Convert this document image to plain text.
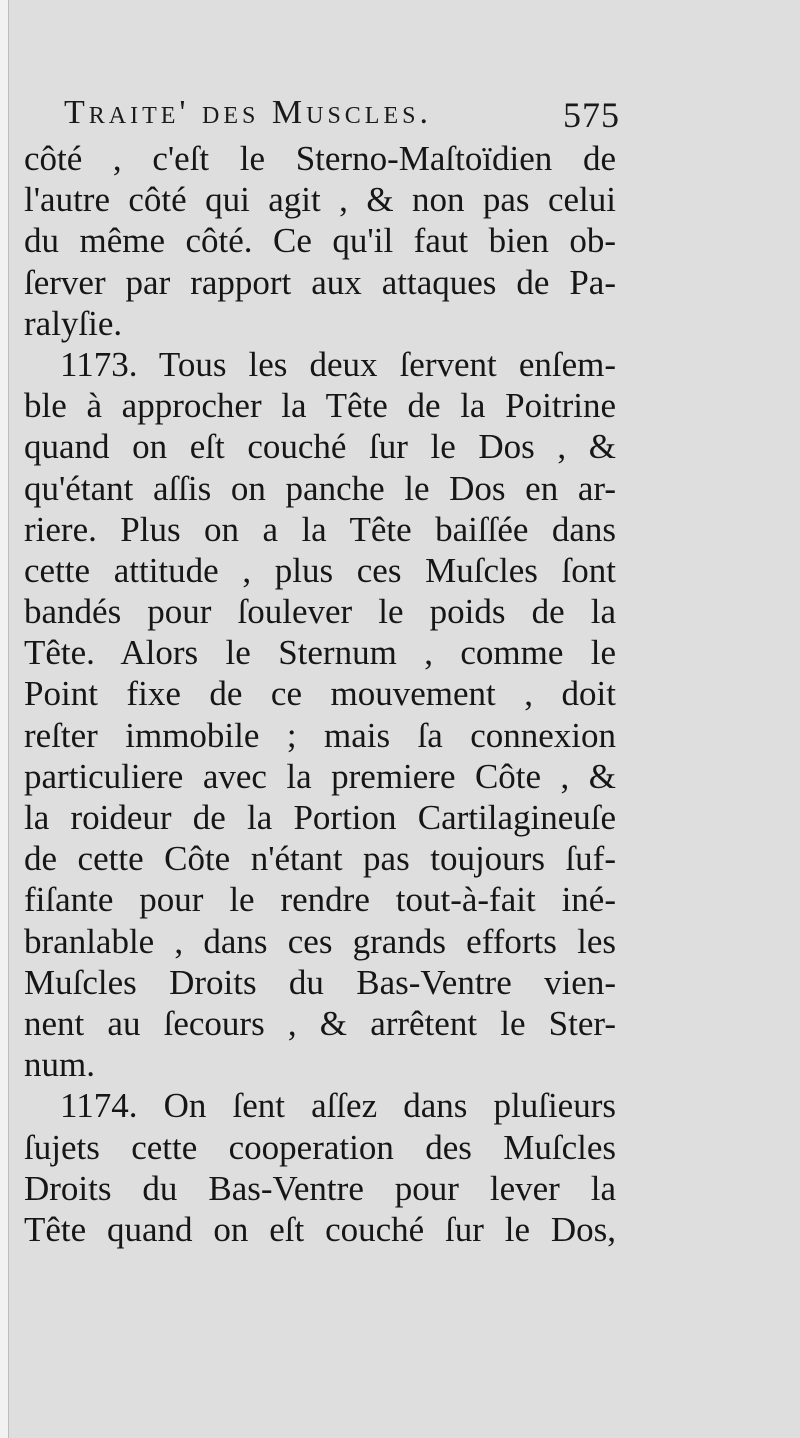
Traite' des Muscles.	575
côté , c'eſt le Sterno-Maſtoïdien de
l'autre côté qui agit , & non pas celui
du même côté. Ce qu'il faut bien ob-
ſerver par rapport aux attaques de Pa-
ralyſie.
1173. Tous les deux ſervent enſem-
ble à approcher la Tête de la Poitrine
quand on eſt couché ſur le Dos , &
qu'étant aſſis on panche le Dos en ar-
riere. Plus on a la Tête baiſſée dans
cette attitude , plus ces Muſcles ſont
bandés pour ſoulever le poids de la
Tête. Alors le Sternum , comme le
Point fixe de ce mouvement , doit
reſter immobile ; mais ſa connexion
particuliere avec la premiere Côte , &
la roideur de la Portion Cartilagineuſe
de cette Côte n'étant pas toujours ſuf-
fiſante pour le rendre tout-à-fait iné-
branlable , dans ces grands efforts les
Muſcles Droits du Bas-Ventre vien-
nent au ſecours , & arrêtent le Ster-
num.
1174. On ſent aſſez dans pluſieurs
ſujets cette cooperation des Muſcles
Droits du Bas-Ventre pour lever la
Tête quand on eſt couché ſur le Dos,
